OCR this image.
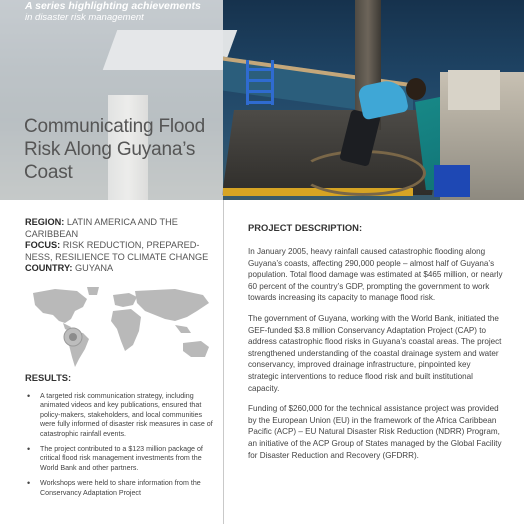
A series highlighting achievements
in disaster risk management
Communicating Flood
Risk Along Guyana’s
Coast
REGION: LATIN AMERICA AND THE CARIBBEAN
FOCUS: RISK REDUCTION, PREPARED-NESS, RESILIENCE TO CLIMATE CHANGE
COUNTRY: GUYANA
RESULTS:
• A targeted risk communication strategy, including animated videos and key publications, ensured that policy-makers, stakeholders, and local communities were fully informed of disaster risk measures in case of catastrophic rainfall events.
• The project contributed to a $123 million package of critical flood risk management investments from the World Bank and other partners.
• Workshops were held to share information from the Conservancy Adaptation Project
PROJECT DESCRIPTION:

In January 2005, heavy rainfall caused catastrophic flooding along Guyana’s coasts, affecting 290,000 people – almost half of Guyana’s population. Total flood damage was estimated at $465 million, or nearly 60 percent of the country’s GDP, prompting the government to work towards increasing its capacity to manage flood risk.

The government of Guyana, working with the World Bank, initiated the GEF-funded $3.8 million Conservancy Adaptation Project (CAP) to address catastrophic flood risks in Guyana’s coastal areas. The project strengthened understanding of the coastal drainage system and water conservancy, improved drainage infrastructure, pinpointed key strategic interventions to reduce flood risk and built institutional capacity.

Funding of $260,000 for the technical assistance project was provided by the European Union (EU) in the framework of the Africa Caribbean Pacific (ACP) – EU Natural Disaster Risk Reduction (NDRR) Program, an initiative of the ACP Group of States managed by the Global Facility for Disaster Reduction and Recovery (GFDRR).
